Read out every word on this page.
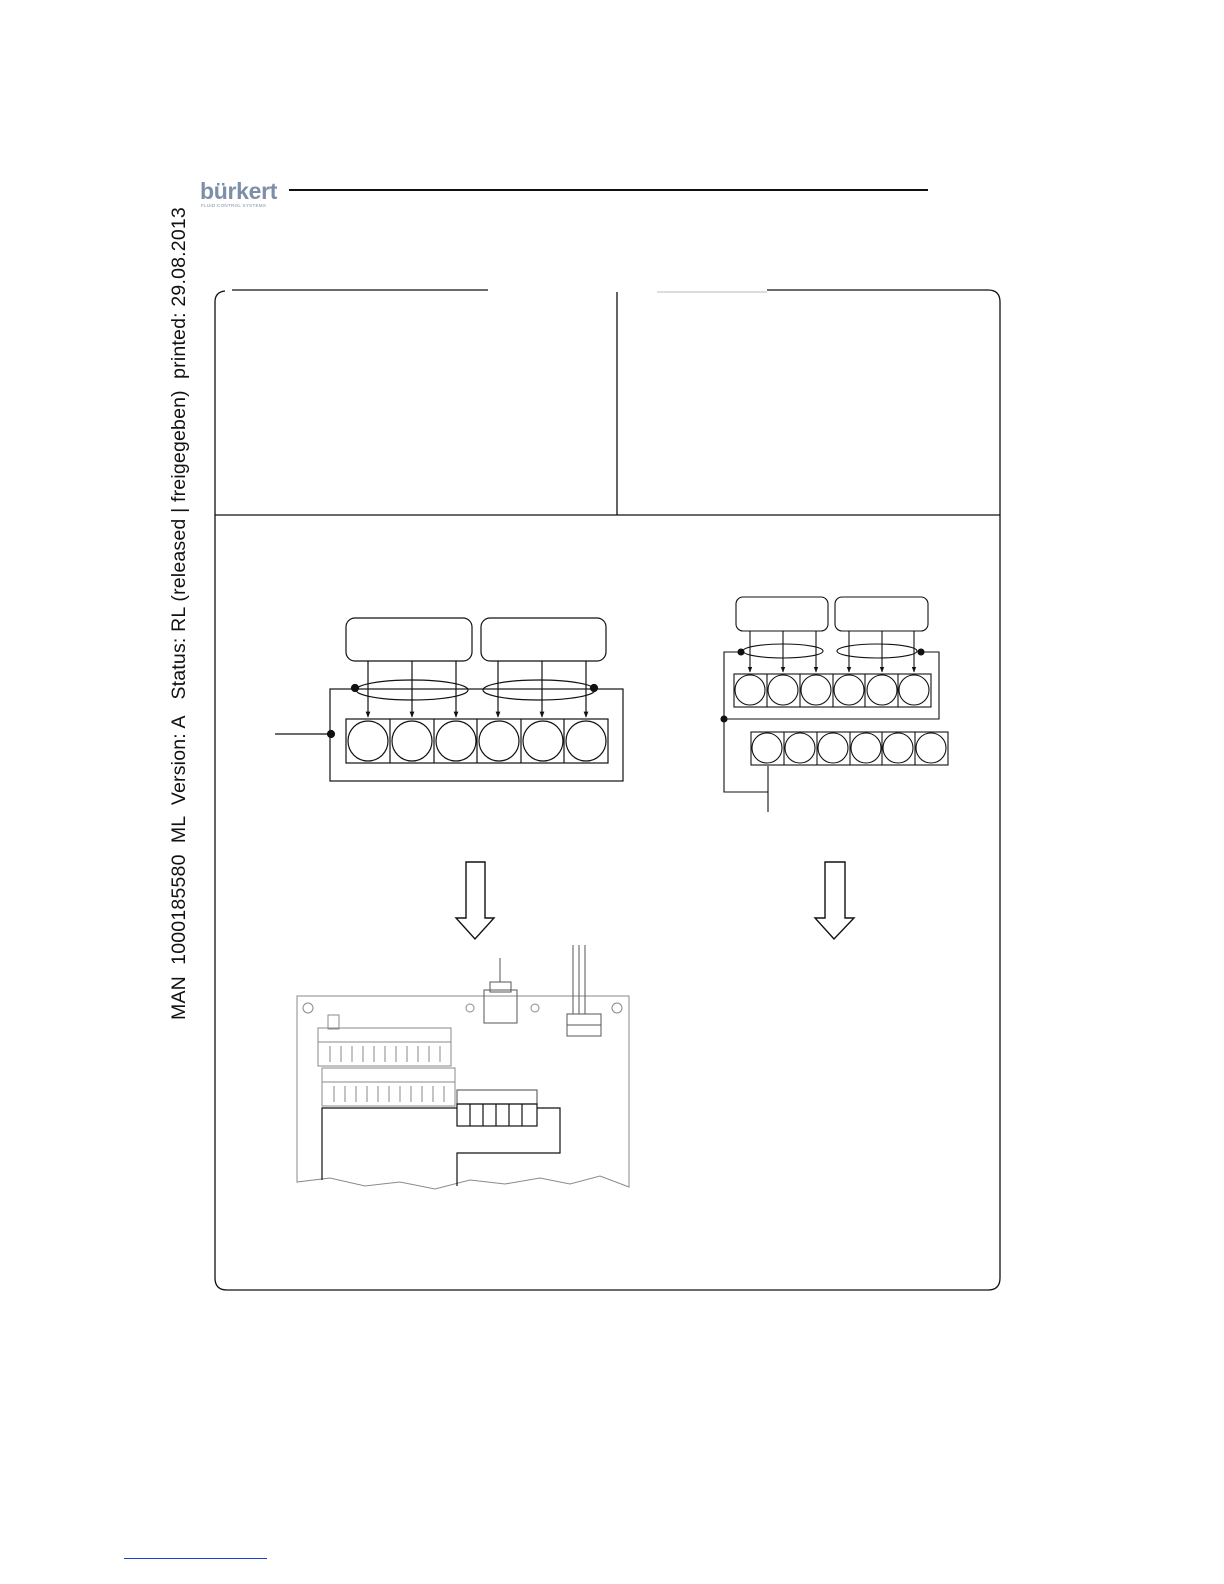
MAN  1000185580  ML  Version: A   Status: RL (released | freigegeben)  printed: 29.08.2013
bürkert
FLUID CONTROL SYSTEMS
